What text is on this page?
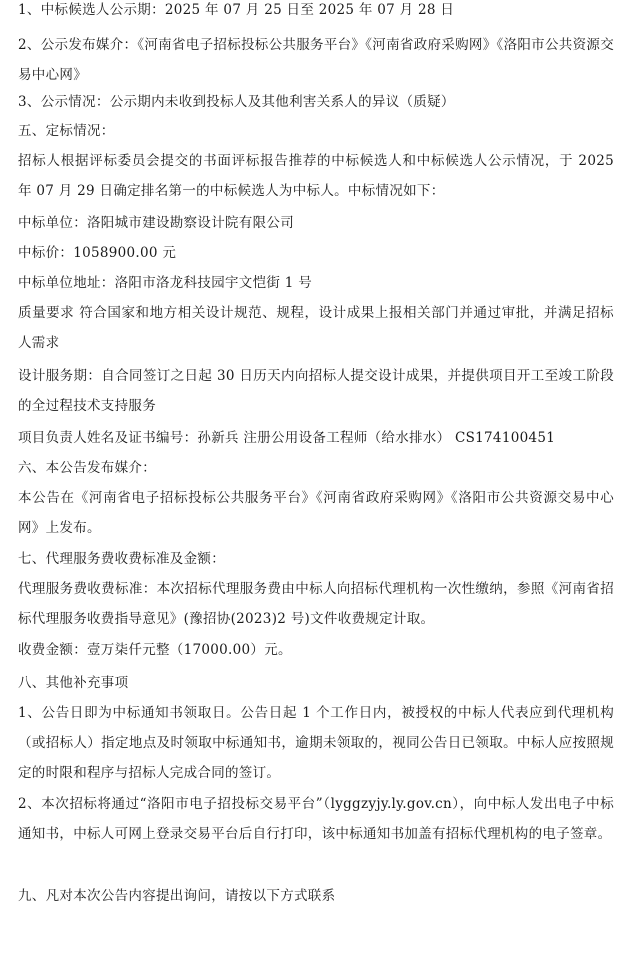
1、中标候选人公示期：2025 年 07 月 25 日至 2025 年 07 月 28 日
2、公示发布媒介：《河南省电子招标投标公共服务平台》《河南省政府采购网》《洛阳市公共资源交易中心网》
3、公示情况：公示期内未收到投标人及其他利害关系人的异议（质疑）
五、定标情况：
招标人根据评标委员会提交的书面评标报告推荐的中标候选人和中标候选人公示情况，于 2025 年 07 月 29 日确定排名第一的中标候选人为中标人。中标情况如下：
中标单位：洛阳城市建设勘察设计院有限公司
中标价：1058900.00 元
中标单位地址：洛阳市洛龙科技园宇文恺街 1 号
质量要求 符合国家和地方相关设计规范、规程，设计成果上报相关部门并通过审批，并满足招标人需求
设计服务期：自合同签订之日起 30 日历天内向招标人提交设计成果，并提供项目开工至竣工阶段的全过程技术支持服务
项目负责人姓名及证书编号：孙新兵 注册公用设备工程师（给水排水） CS174100451
六、本公告发布媒介：
本公告在《河南省电子招标投标公共服务平台》《河南省政府采购网》《洛阳市公共资源交易中心网》上发布。
七、代理服务费收费标准及金额：
代理服务费收费标准：本次招标代理服务费由中标人向招标代理机构一次性缴纳，参照《河南省招标代理服务收费指导意见》(豫招协(2023)2 号)文件收费规定计取。
收费金额：壹万柒仟元整（17000.00）元。
八、其他补充事项
1、公告日即为中标通知书领取日。公告日起 1 个工作日内，被授权的中标人代表应到代理机构（或招标人）指定地点及时领取中标通知书，逾期未领取的，视同公告日已领取。中标人应按照规定的时限和程序与招标人完成合同的签订。
2、本次招标将通过“洛阳市电子招投标交易平台”（lyggzyjy.ly.gov.cn），向中标人发出电子中标通知书，中标人可网上登录交易平台后自行打印，该中标通知书加盖有招标代理机构的电子签章。
九、凡对本次公告内容提出询问，请按以下方式联系
